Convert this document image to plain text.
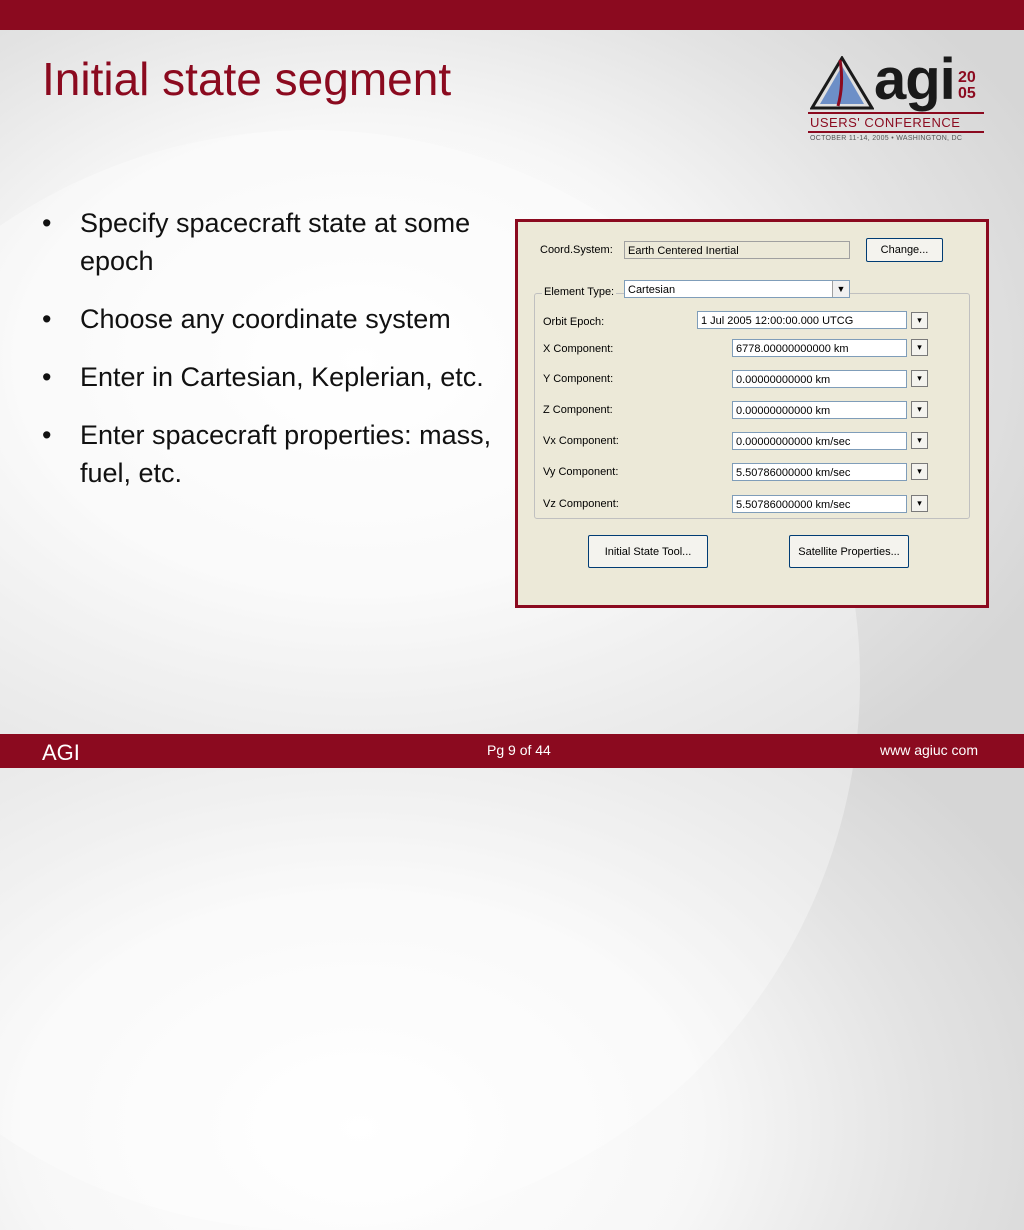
Initial state segment	agi 20
05
USERS' CONFERENCE
OCTOBER 11-14, 2005 • WASHINGTON, DC
• Specify spacecraft state at some epoch
• Choose any coordinate system
• Enter in Cartesian, Keplerian, etc.
• Enter spacecraft properties: mass, fuel, etc.
Coord.System:	Earth Centered Inertial	Change...
Element Type:	Cartesian	▼
Orbit Epoch:	1 Jul 2005 12:00:00.000 UTCG	▾
X Component:	6778.00000000000 km	▾
Y Component:	0.00000000000 km	▾
Z Component:	0.00000000000 km	▾
Vx Component:	0.00000000000 km/sec	▾
Vy Component:	5.50786000000 km/sec	▾
Vz Component:	5.50786000000 km/sec	▾
Initial State Tool...	Satellite Properties...
AGI	Pg 9 of 44	www agiuc com
